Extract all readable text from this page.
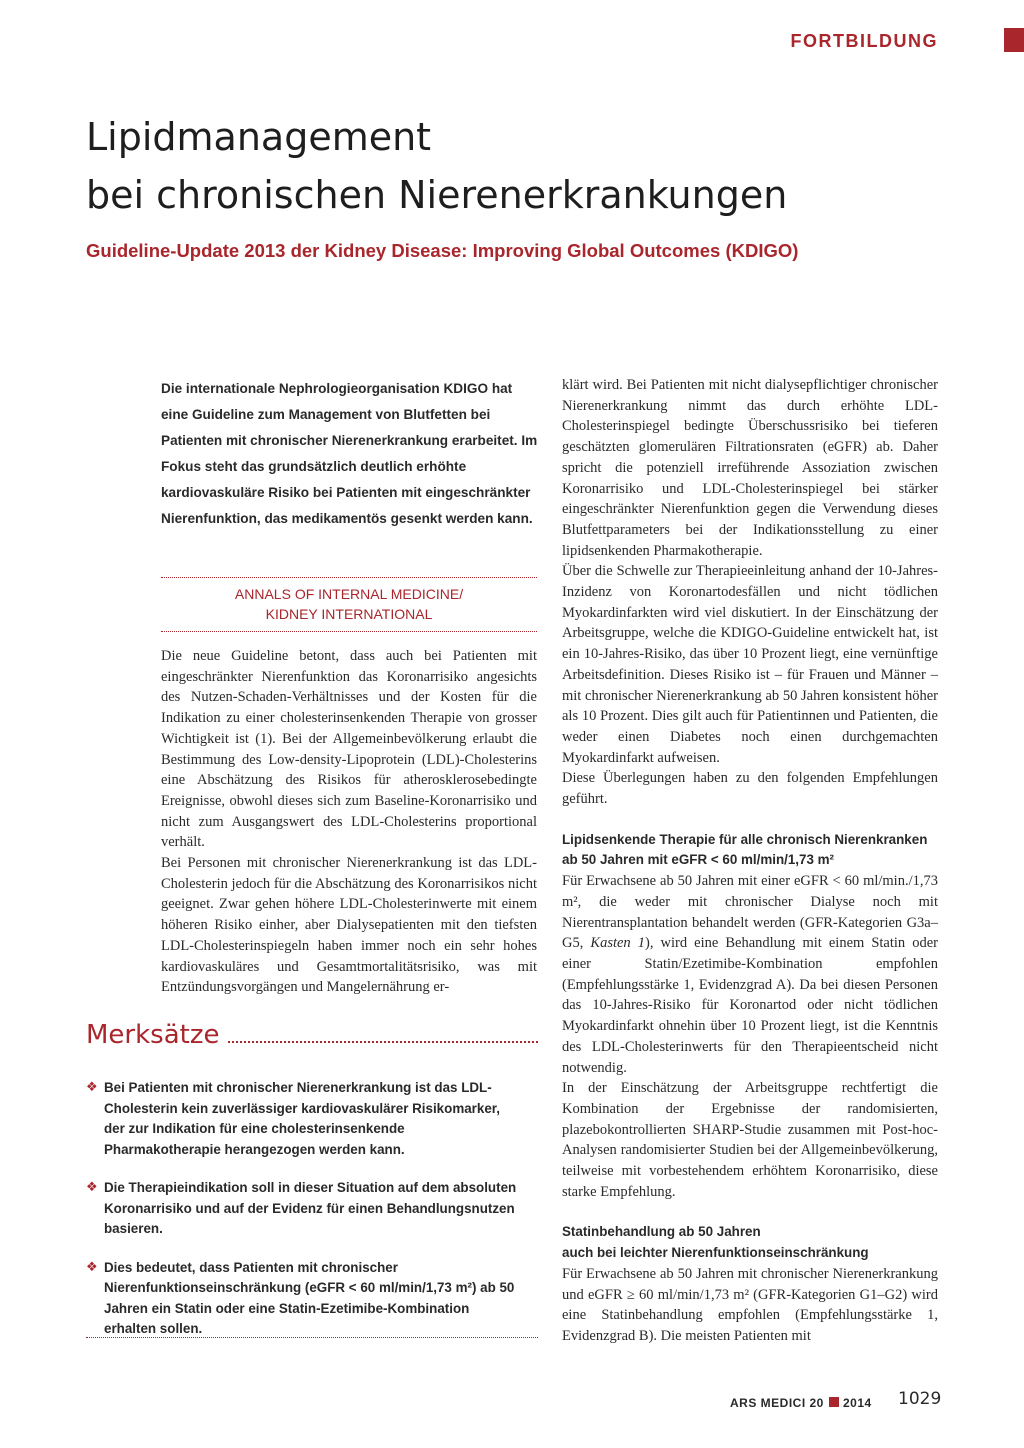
FORTBILDUNG
Lipidmanagement
bei chronischen Nierenerkrankungen
Guideline-Update 2013 der Kidney Disease: Improving Global Outcomes (KDIGO)

Die internationale Nephrologieorganisation KDIGO hat eine Guideline zum Management von Blutfetten bei Patienten mit chronischer Nierenerkrankung erarbeitet. Im Fokus steht das grundsätzlich deutlich erhöhte kardiovaskuläre Risiko bei Patienten mit eingeschränkter Nierenfunktion, das medikamentös gesenkt werden kann.

ANNALS OF INTERNAL MEDICINE/
KIDNEY INTERNATIONAL

Die neue Guideline betont, dass auch bei Patienten mit eingeschränkter Nierenfunktion das Koronarrisiko angesichts des Nutzen-Schaden-Verhältnisses und der Kosten für die Indikation zu einer cholesterinsenkenden Therapie von grosser Wichtigkeit ist (1). Bei der Allgemeinbevölkerung erlaubt die Bestimmung des Low-density-Lipoprotein (LDL)-Cholesterins eine Abschätzung des Risikos für atherosklerosebedingte Ereignisse, obwohl dieses sich zum Baseline-Koronarrisiko und nicht zum Ausgangswert des LDL-Cholesterins proportional verhält.

Bei Personen mit chronischer Nierenerkrankung ist das LDL-Cholesterin jedoch für die Abschätzung des Koronarrisikos nicht geeignet. Zwar gehen höhere LDL-Cholesterinwerte mit einem höheren Risiko einher, aber Dialysepatienten mit den tiefsten LDL-Cholesterinspiegeln haben immer noch ein sehr hohes kardiovaskuläres und Gesamtmortalitätsrisiko, was mit Entzündungsvorgängen und Mangelernährung er-

Merksätze
❖ Bei Patienten mit chronischer Nierenerkrankung ist das LDL-Cholesterin kein zuverlässiger kardiovaskulärer Risikomarker, der zur Indikation für eine cholesterinsenkende Pharmakotherapie herangezogen werden kann.
❖ Die Therapieindikation soll in dieser Situation auf dem absoluten Koronarrisiko und auf der Evidenz für einen Behandlungsnutzen basieren.
❖ Dies bedeutet, dass Patienten mit chronischer Nierenfunktionseinschränkung (eGFR < 60 ml/min/1,73 m²) ab 50 Jahren ein Statin oder eine Statin-Ezetimibe-Kombination erhalten sollen.

klärt wird. Bei Patienten mit nicht dialysepflichtiger chronischer Nierenerkrankung nimmt das durch erhöhte LDL-Cholesterinspiegel bedingte Überschussrisiko bei tieferen geschätzten glomerulären Filtrationsraten (eGFR) ab. Daher spricht die potenziell irreführende Assoziation zwischen Koronarrisiko und LDL-Cholesterinspiegel bei stärker eingeschränkter Nierenfunktion gegen die Verwendung dieses Blutfettparameters bei der Indikationsstellung zu einer lipidsenkenden Pharmakotherapie.

Über die Schwelle zur Therapieeinleitung anhand der 10-Jahres-Inzidenz von Koronartodesfällen und nicht tödlichen Myokardinfarkten wird viel diskutiert. In der Einschätzung der Arbeitsgruppe, welche die KDIGO-Guideline entwickelt hat, ist ein 10-Jahres-Risiko, das über 10 Prozent liegt, eine vernünftige Arbeitsdefinition. Dieses Risiko ist – für Frauen und Männer – mit chronischer Nierenerkrankung ab 50 Jahren konsistent höher als 10 Prozent. Dies gilt auch für Patientinnen und Patienten, die weder einen Diabetes noch einen durchgemachten Myokardinfarkt aufweisen.

Diese Überlegungen haben zu den folgenden Empfehlungen geführt.

Lipidsenkende Therapie für alle chronisch Nierenkranken
ab 50 Jahren mit eGFR < 60 ml/min/1,73 m²

Für Erwachsene ab 50 Jahren mit einer eGFR < 60 ml/min./1,73 m², die weder mit chronischer Dialyse noch mit Nierentransplantation behandelt werden (GFR-Kategorien G3a–G5, Kasten 1), wird eine Behandlung mit einem Statin oder einer Statin/Ezetimibe-Kombination empfohlen (Empfehlungsstärke 1, Evidenzgrad A). Da bei diesen Personen das 10-Jahres-Risiko für Koronartod oder nicht tödlichen Myokardinfarkt ohnehin über 10 Prozent liegt, ist die Kenntnis des LDL-Cholesterinwerts für den Therapieentscheid nicht notwendig.

In der Einschätzung der Arbeitsgruppe rechtfertigt die Kombination der Ergebnisse der randomisierten, plazebokontrollierten SHARP-Studie zusammen mit Post-hoc-Analysen randomisierter Studien bei der Allgemeinbevölkerung, teilweise mit vorbestehendem erhöhtem Koronarrisiko, diese starke Empfehlung.

Statinbehandlung ab 50 Jahren
auch bei leichter Nierenfunktionseinschränkung

Für Erwachsene ab 50 Jahren mit chronischer Nierenerkrankung und eGFR ≥ 60 ml/min/1,73 m² (GFR-Kategorien G1–G2) wird eine Statinbehandlung empfohlen (Empfehlungsstärke 1, Evidenzgrad B). Die meisten Patienten mit

ARS MEDICI 20 2014 1029
